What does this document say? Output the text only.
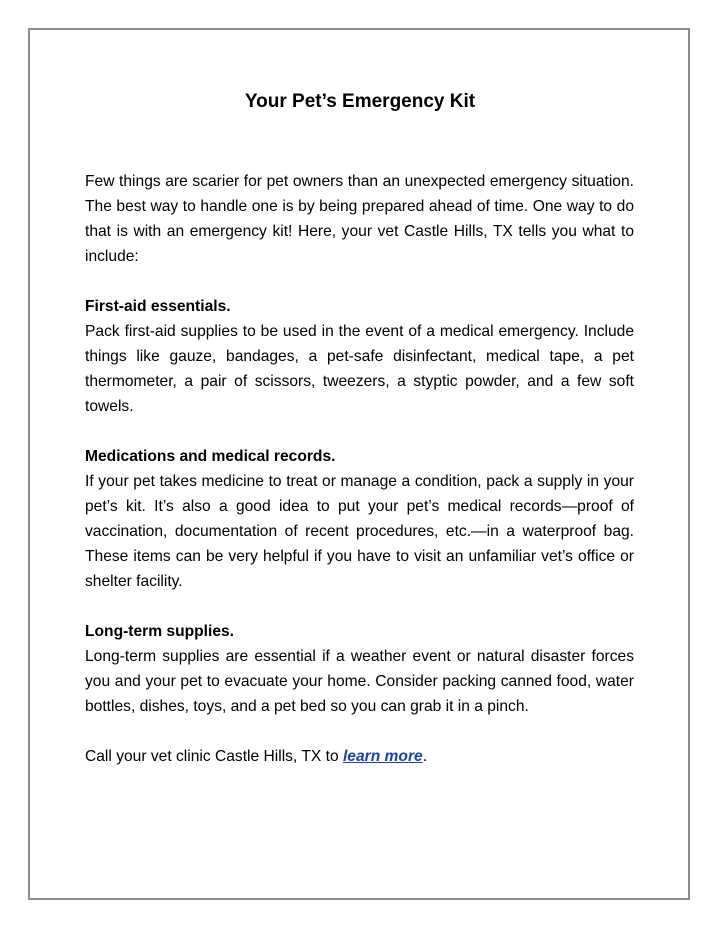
Your Pet’s Emergency Kit

Few things are scarier for pet owners than an unexpected emergency situation. The best way to handle one is by being prepared ahead of time. One way to do that is with an emergency kit! Here, your vet Castle Hills, TX tells you what to include:

First-aid essentials.

Pack first-aid supplies to be used in the event of a medical emergency. Include things like gauze, bandages, a pet-safe disinfectant, medical tape, a pet thermometer, a pair of scissors, tweezers, a styptic powder, and a few soft towels.

Medications and medical records.

If your pet takes medicine to treat or manage a condition, pack a supply in your pet’s kit. It’s also a good idea to put your pet’s medical records—proof of vaccination, documentation of recent procedures, etc.—in a waterproof bag. These items can be very helpful if you have to visit an unfamiliar vet’s office or shelter facility.

Long-term supplies.

Long-term supplies are essential if a weather event or natural disaster forces you and your pet to evacuate your home. Consider packing canned food, water bottles, dishes, toys, and a pet bed so you can grab it in a pinch.

Call your vet clinic Castle Hills, TX to learn more.
